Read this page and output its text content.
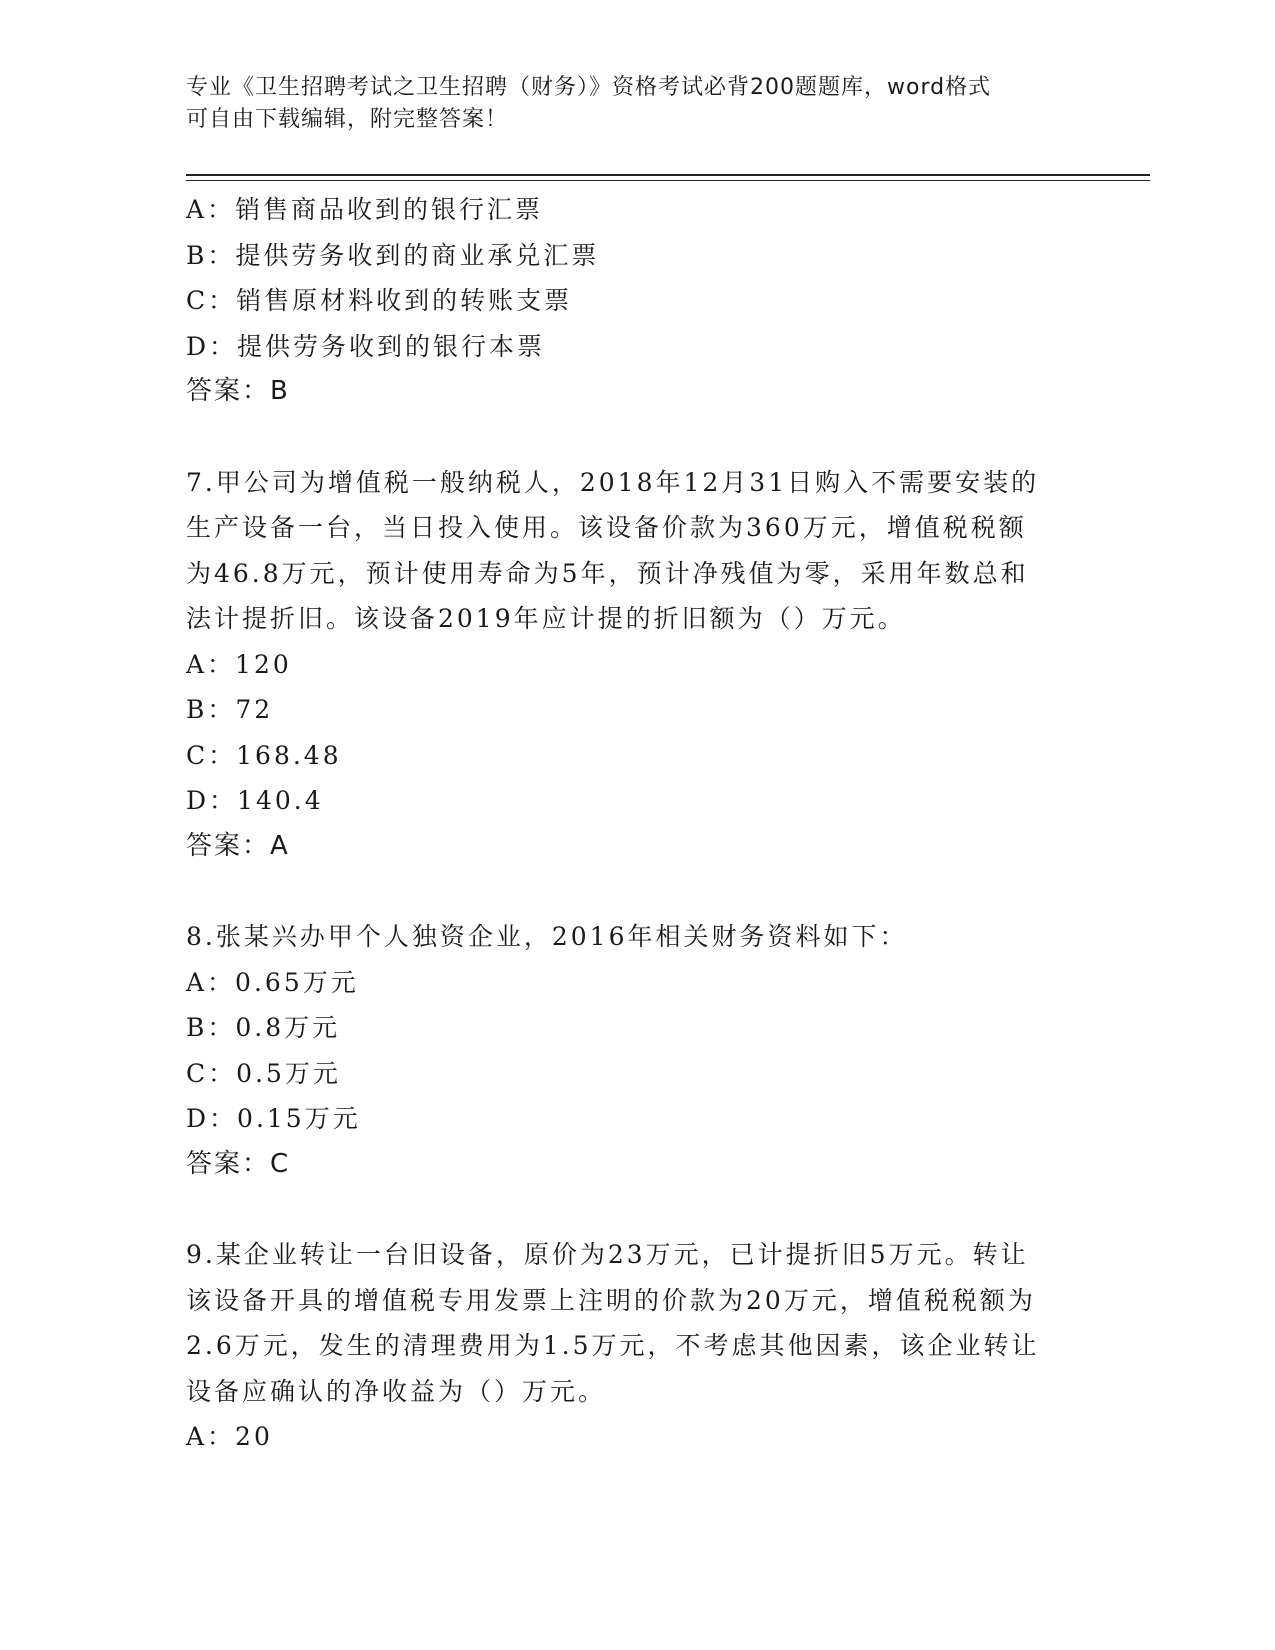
专业《卫生招聘考试之卫生招聘（财务）》资格考试必背200题题库，word格式
可自由下载编辑，附完整答案！
A：销售商品收到的银行汇票
B：提供劳务收到的商业承兑汇票
C：销售原材料收到的转账支票
D：提供劳务收到的银行本票
答案：B
7.甲公司为增值税一般纳税人，2018年12月31日购入不需要安装的
生产设备一台，当日投入使用。该设备价款为360万元，增值税税额
为46.8万元，预计使用寿命为5年，预计净残值为零，采用年数总和
法计提折旧。该设备2019年应计提的折旧额为（）万元。
A：120
B：72
C：168.48
D：140.4
答案：A
8.张某兴办甲个人独资企业，2016年相关财务资料如下：
A：0.65万元
B：0.8万元
C：0.5万元
D：0.15万元
答案：C
9.某企业转让一台旧设备，原价为23万元，已计提折旧5万元。转让
该设备开具的增值税专用发票上注明的价款为20万元，增值税税额为
2.6万元，发生的清理费用为1.5万元，不考虑其他因素，该企业转让
设备应确认的净收益为（）万元。
A：20
